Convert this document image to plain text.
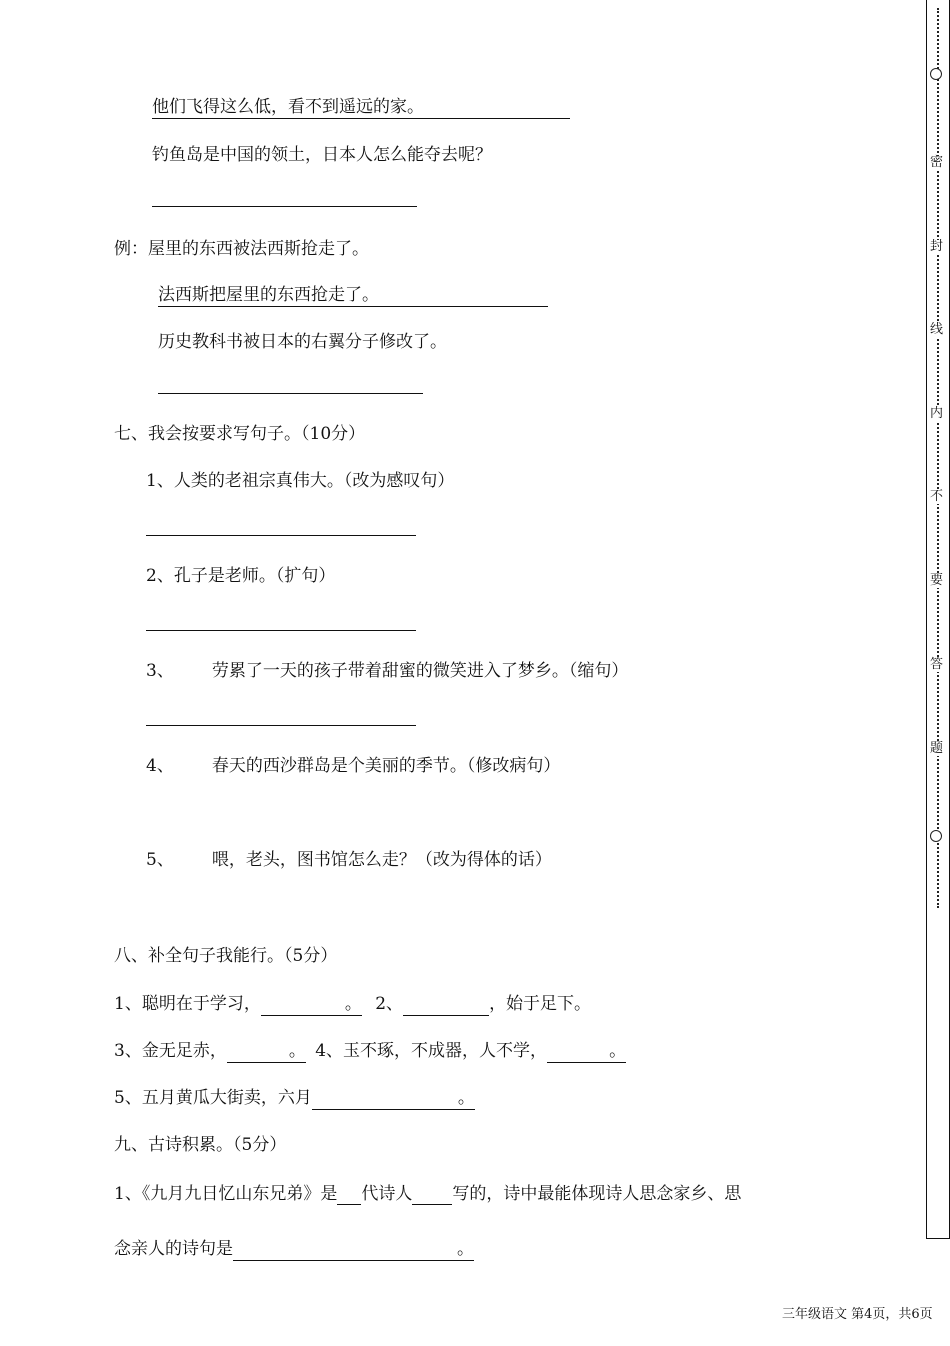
他们飞得这么低，看不到遥远的家。
钓鱼岛是中国的领土，日本人怎么能夺去呢？
例：屋里的东西被法西斯抢走了。
法西斯把屋里的东西抢走了。
历史教科书被日本的右翼分子修改了。
七、我会按要求写句子。（10分）
1、人类的老祖宗真伟大。（改为感叹句）
2、孔子是老师。（扩句）
3、 劳累了一天的孩子带着甜蜜的微笑进入了梦乡。（缩句）
4、 春天的西沙群岛是个美丽的季节。（修改病句）
5、 喂，老头，图书馆怎么走？（改为得体的话）
八、补全句子我能行。（5分）
1、聪明在于学习，	。 2、	，始于足下。
3、金无足赤，	。 4、玉不琢，不成器，人不学，	。
5、五月黄瓜大街卖，六月	。
九、古诗积累。（5分）
1、《九月九日忆山东兄弟》是 代诗人 写的，诗中最能体现诗人思念家乡、思
念亲人的诗句是	。
密
封
线
内
不
要
答
题
三年级语文 第4页，共6页
